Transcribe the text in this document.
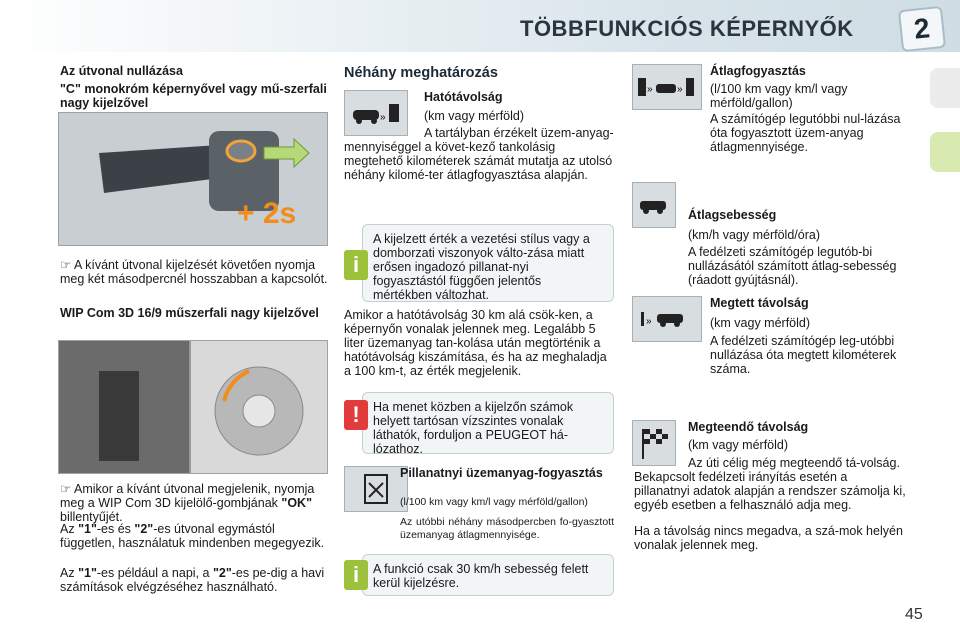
TÖBBFUNKCIÓS KÉPERNYŐK	2
Az útvonal nullázása
"C" monokróm képernyővel vagy mű-szerfali nagy kijelzővel
+ 2s
☞ A kívánt útvonal kijelzését követően nyomja meg két másodpercnél hosszabban a kapcsolót.
WIP Com 3D 16/9 műszerfali nagy kijelzővel
☞ Amikor a kívánt útvonal megjelenik, nyomja meg a WIP Com 3D kijelölő-gombjának "OK" billentyűjét.
Az "1"-es és "2"-es útvonal egymástól független, használatuk mindenben megegyezik.
Az "1"-es például a napi, a "2"-es pe-dig a havi számítások elvégzéséhez használható.
Néhány meghatározás
»
Hatótávolság
(km vagy mérföld)
A tartályban érzékelt üzem-anyag-mennyiséggel a követ-kező tankolásig megtehető kilométerek számát mutatja az utolsó néhány kilomé-ter átlagfogyasztása alapján.
A kijelzett érték a vezetési stílus vagy a domborzati viszonyok válto-zása miatt erősen ingadozó pillanat-nyi fogyasztástól függően jelentős mértékben változhat.
i
Amikor a hatótávolság 30 km alá csök-ken, a képernyőn vonalak jelennek meg. Legalább 5 liter üzemanyag tan-kolása után megtörténik a hatótávolság kiszámítása, és ha az meghaladja a 100 km-t, az érték megjelenik.
Ha menet közben a kijelzőn számok helyett tartósan vízszintes vonalak láthatók, forduljon a PEUGEOT há-lózathoz.
!
Pillanatnyi üzemanyag-fogyasztás
(l/100 km vagy km/l vagy mérföld/gallon)
Az utóbbi néhány másodpercben fo-gyasztott üzemanyag átlagmennyisége.
A funkció csak 30 km/h sebesség felett kerül kijelzésre.
i
» »
Átlagfogyasztás
(l/100 km vagy km/l vagy mérföld/gallon)
A számítógép legutóbbi nul-lázása óta fogyasztott üzem-anyag átlagmennyisége.
Átlagsebesség
(km/h vagy mérföld/óra)
A fedélzeti számítógép legutób-bi nullázásától számított átlag-sebesség (ráadott gyújtásnál).
»
Megtett távolság
(km vagy mérföld)
A fedélzeti számítógép leg-utóbbi nullázása óta megtett kilométerek száma.
Megteendő távolság
(km vagy mérföld)
Az úti célig még megteendő tá-volság. Bekapcsolt fedélzeti irányítás esetén a pillanatnyi adatok alapján a rendszer számolja ki, egyéb esetben a felhasználó adja meg.
Ha a távolság nincs megadva, a szá-mok helyén vonalak jelennek meg.
45
